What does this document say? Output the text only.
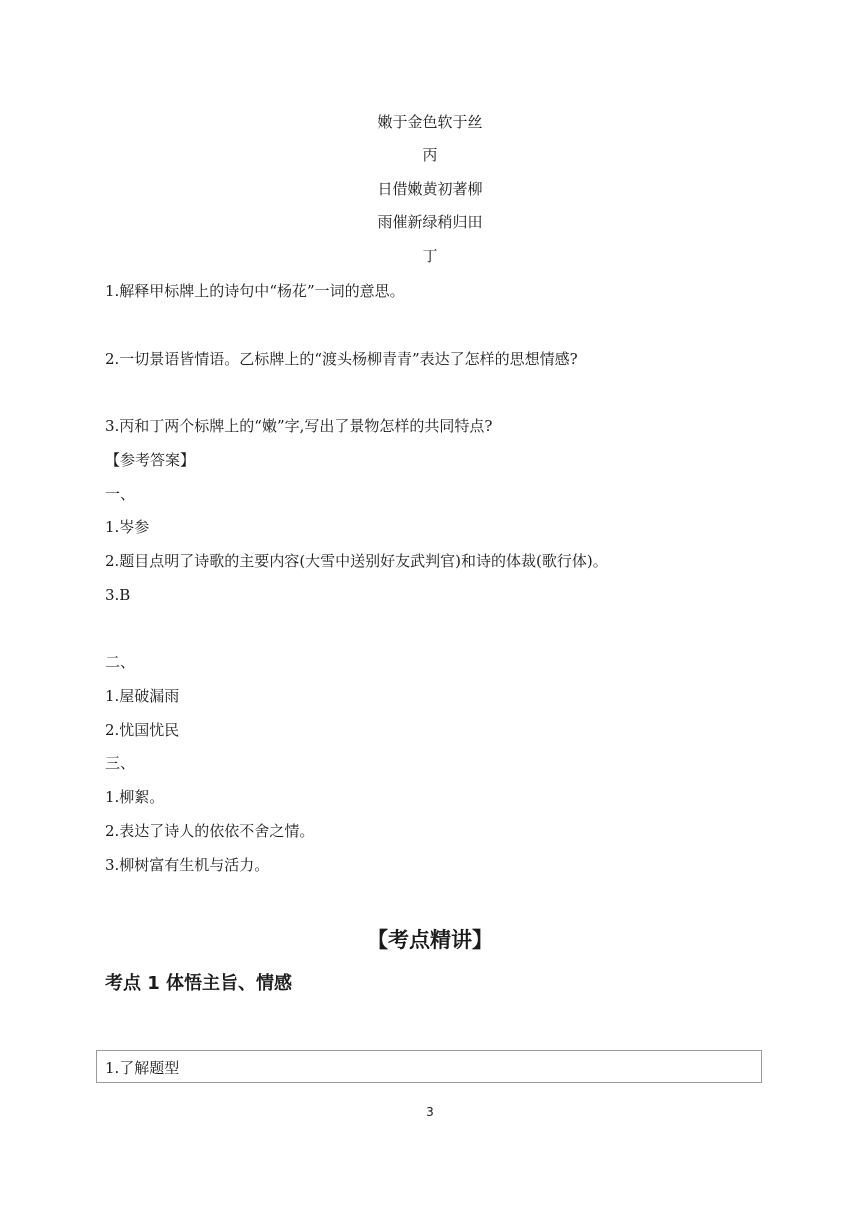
嫩于金色软于丝
丙
日借嫩黄初著柳
雨催新绿稍归田
丁
1.解释甲标牌上的诗句中“杨花”一词的意思。
2.一切景语皆情语。乙标牌上的“渡头杨柳青青”表达了怎样的思想情感?
3.丙和丁两个标牌上的“嫩”字,写出了景物怎样的共同特点?
【参考答案】
一、
1.岑参
2.题目点明了诗歌的主要内容(大雪中送别好友武判官)和诗的体裁(歌行体)。
3.B
二、
1.屋破漏雨
2.忧国忧民
三、
1.柳絮。
2.表达了诗人的依依不舍之情。
3.柳树富有生机与活力。
【考点精讲】
考点 1 体悟主旨、情感
1.了解题型
3
